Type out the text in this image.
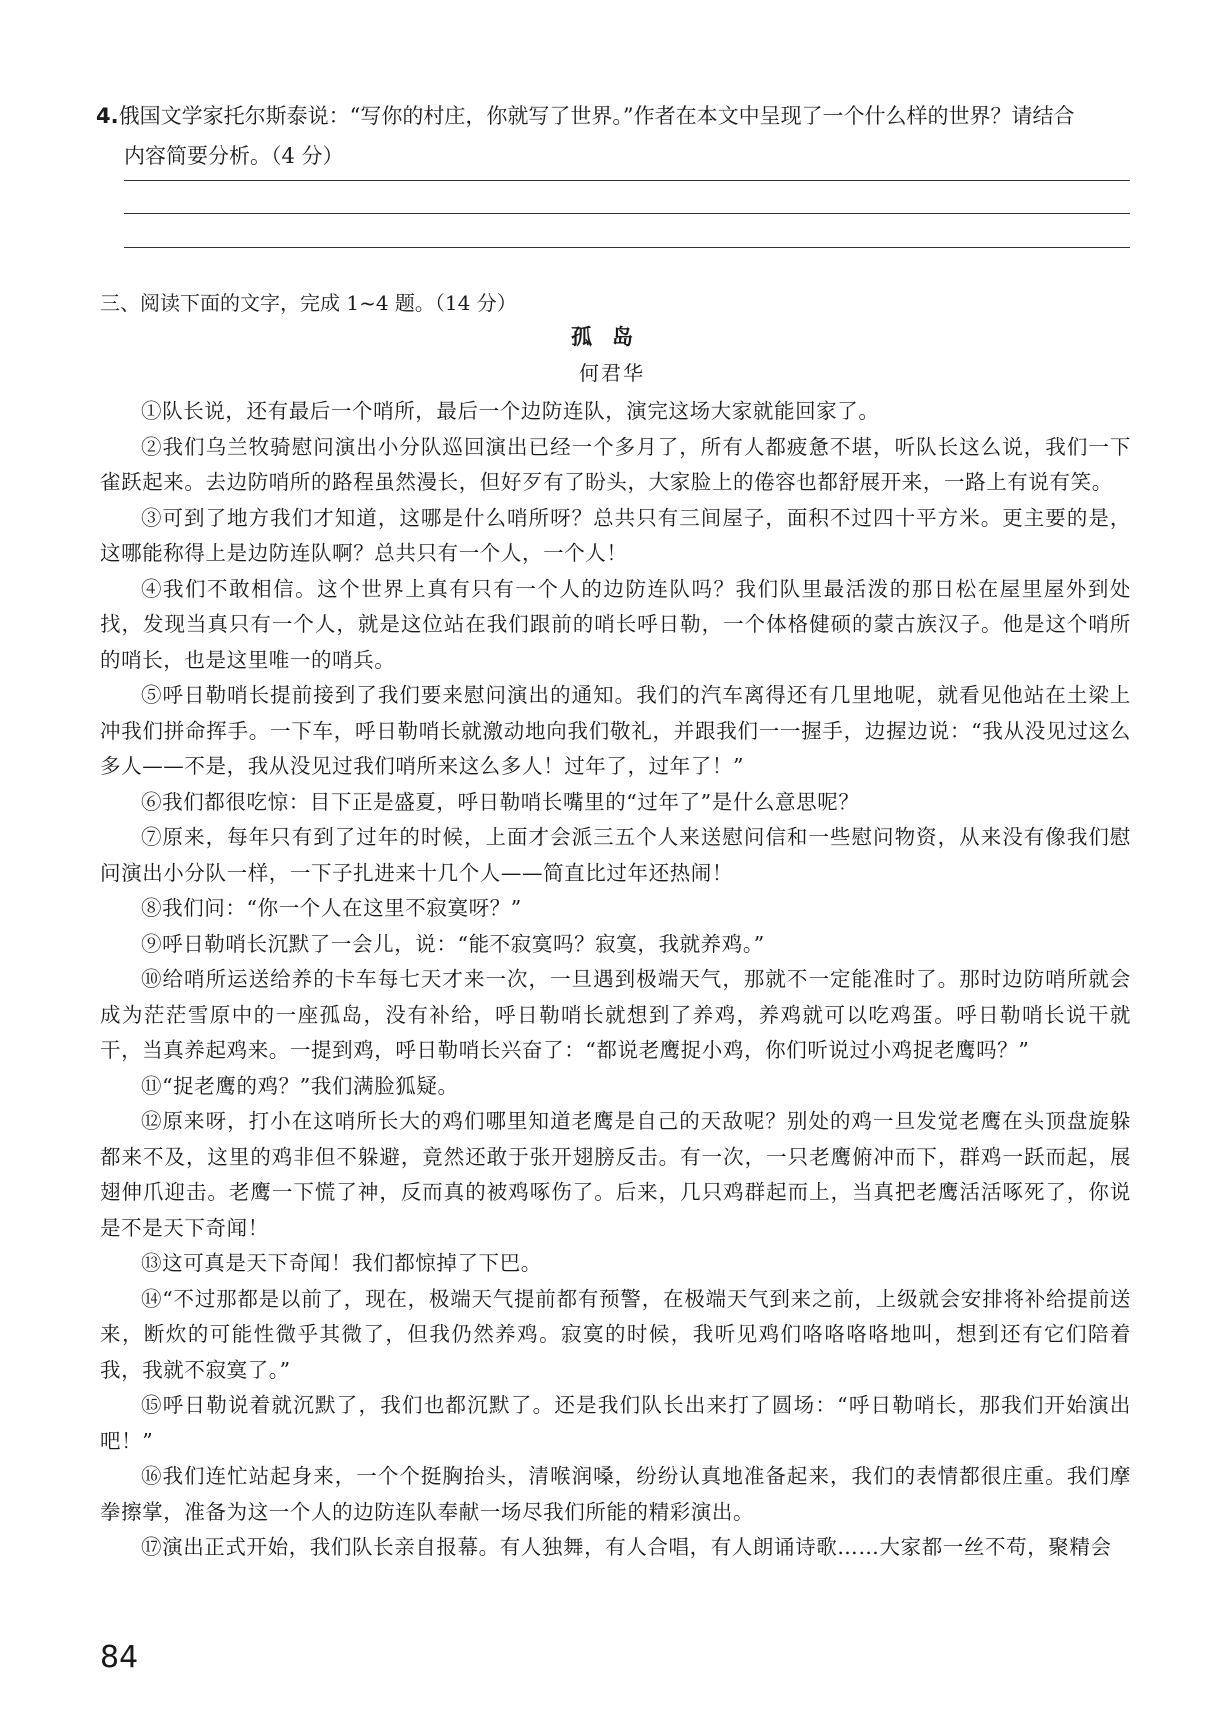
4.俄国文学家托尔斯泰说：“写你的村庄，你就写了世界。”作者在本文中呈现了一个什么样的世界？请结合
内容简要分析。（4 分）
三、阅读下面的文字，完成 1~4 题。（14 分）
孤岛
何君华

①队长说，还有最后一个哨所，最后一个边防连队，演完这场大家就能回家了。

②我们乌兰牧骑慰问演出小分队巡回演出已经一个多月了，所有人都疲惫不堪，听队长这么说，我们一下雀跃起来。去边防哨所的路程虽然漫长，但好歹有了盼头，大家脸上的倦容也都舒展开来，一路上有说有笑。

③可到了地方我们才知道，这哪是什么哨所呀？总共只有三间屋子，面积不过四十平方米。更主要的是，这哪能称得上是边防连队啊？总共只有一个人，一个人！

④我们不敢相信。这个世界上真有只有一个人的边防连队吗？我们队里最活泼的那日松在屋里屋外到处找，发现当真只有一个人，就是这位站在我们跟前的哨长呼日勒，一个体格健硕的蒙古族汉子。他是这个哨所的哨长，也是这里唯一的哨兵。

⑤呼日勒哨长提前接到了我们要来慰问演出的通知。我们的汽车离得还有几里地呢，就看见他站在土梁上冲我们拼命挥手。一下车，呼日勒哨长就激动地向我们敬礼，并跟我们一一握手，边握边说：“我从没见过这么多人——不是，我从没见过我们哨所来这么多人！过年了，过年了！”

⑥我们都很吃惊：目下正是盛夏，呼日勒哨长嘴里的“过年了”是什么意思呢？

⑦原来，每年只有到了过年的时候，上面才会派三五个人来送慰问信和一些慰问物资，从来没有像我们慰问演出小分队一样，一下子扎进来十几个人——简直比过年还热闹！

⑧我们问：“你一个人在这里不寂寞呀？”

⑨呼日勒哨长沉默了一会儿，说：“能不寂寞吗？寂寞，我就养鸡。”

⑩给哨所运送给养的卡车每七天才来一次，一旦遇到极端天气，那就不一定能准时了。那时边防哨所就会成为茫茫雪原中的一座孤岛，没有补给，呼日勒哨长就想到了养鸡，养鸡就可以吃鸡蛋。呼日勒哨长说干就干，当真养起鸡来。一提到鸡，呼日勒哨长兴奋了：“都说老鹰捉小鸡，你们听说过小鸡捉老鹰吗？”

⑪“捉老鹰的鸡？”我们满脸狐疑。

⑫原来呀，打小在这哨所长大的鸡们哪里知道老鹰是自己的天敌呢？别处的鸡一旦发觉老鹰在头顶盘旋躲都来不及，这里的鸡非但不躲避，竟然还敢于张开翅膀反击。有一次，一只老鹰俯冲而下，群鸡一跃而起，展翅伸爪迎击。老鹰一下慌了神，反而真的被鸡啄伤了。后来，几只鸡群起而上，当真把老鹰活活啄死了，你说是不是天下奇闻！

⑬这可真是天下奇闻！我们都惊掉了下巴。

⑭“不过那都是以前了，现在，极端天气提前都有预警，在极端天气到来之前，上级就会安排将补给提前送来，断炊的可能性微乎其微了，但我仍然养鸡。寂寞的时候，我听见鸡们咯咯咯咯地叫，想到还有它们陪着我，我就不寂寞了。”

⑮呼日勒说着就沉默了，我们也都沉默了。还是我们队长出来打了圆场：“呼日勒哨长，那我们开始演出吧！”

⑯我们连忙站起身来，一个个挺胸抬头，清喉润嗓，纷纷认真地准备起来，我们的表情都很庄重。我们摩拳擦掌，准备为这一个人的边防连队奉献一场尽我们所能的精彩演出。

⑰演出正式开始，我们队长亲自报幕。有人独舞，有人合唱，有人朗诵诗歌……大家都一丝不苟，聚精会

84
